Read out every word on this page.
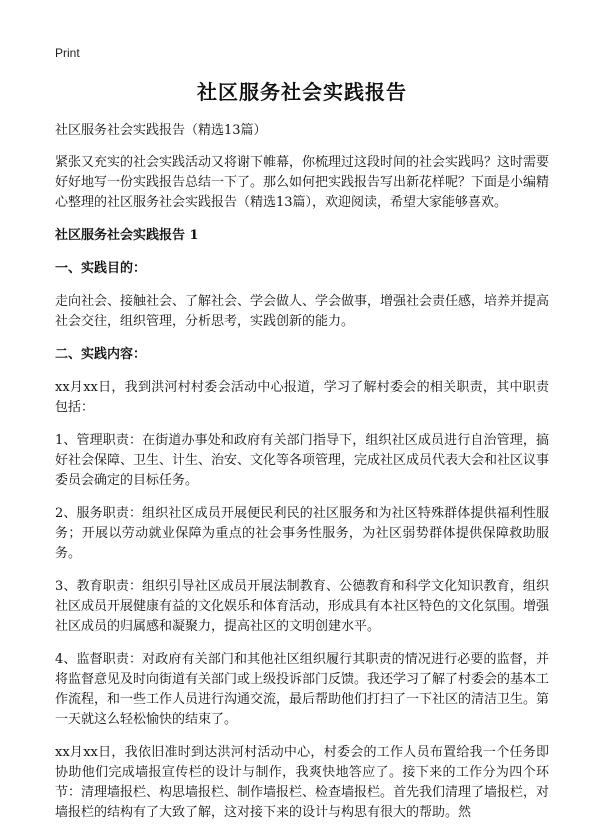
Print
社区服务社会实践报告
社区服务社会实践报告（精选13篇）

紧张又充实的社会实践活动又将谢下帷幕，你梳理过这段时间的社会实践吗？这时需要好好地写一份实践报告总结一下了。那么如何把实践报告写出新花样呢？下面是小编精心整理的社区服务社会实践报告（精选13篇），欢迎阅读，希望大家能够喜欢。

社区服务社会实践报告 1
一、实践目的：

走向社会、接触社会、了解社会、学会做人、学会做事，增强社会责任感，培养并提高社会交往，组织管理，分析思考，实践创新的能力。

二、实践内容：

xx月xx日，我到洪河村村委会活动中心报道，学习了解村委会的相关职责，其中职责包括：

1、管理职责：在街道办事处和政府有关部门指导下，组织社区成员进行自治管理，搞好社会保障、卫生、计生、治安、文化等各项管理，完成社区成员代表大会和社区议事委员会确定的目标任务。

2、服务职责：组织社区成员开展便民利民的社区服务和为社区特殊群体提供福利性服务；开展以劳动就业保障为重点的社会事务性服务，为社区弱势群体提供保障救助服务。

3、教育职责：组织引导社区成员开展法制教育、公德教育和科学文化知识教育，组织社区成员开展健康有益的文化娱乐和体育活动，形成具有本社区特色的文化氛围。增强社区成员的归属感和凝聚力，提高社区的文明创建水平。

4、监督职责：对政府有关部门和其他社区组织履行其职责的情况进行必要的监督，并将监督意见及时向街道有关部门或上级投诉部门反馈。我还学习了解了村委会的基本工作流程，和一些工作人员进行沟通交流，最后帮助他们打扫了一下社区的清洁卫生。第一天就这么轻松愉快的结束了。

xx月xx日，我依旧准时到达洪河村活动中心，村委会的工作人员布置给我一个任务即协助他们完成墙报宣传栏的设计与制作，我爽快地答应了。接下来的工作分为四个环节：清理墙报栏、构思墙报栏、制作墙报栏、检查墙报栏。首先我们清理了墙报栏，对墙报栏的结构有了大致了解，这对接下来的设计与构思有很大的帮助。然
